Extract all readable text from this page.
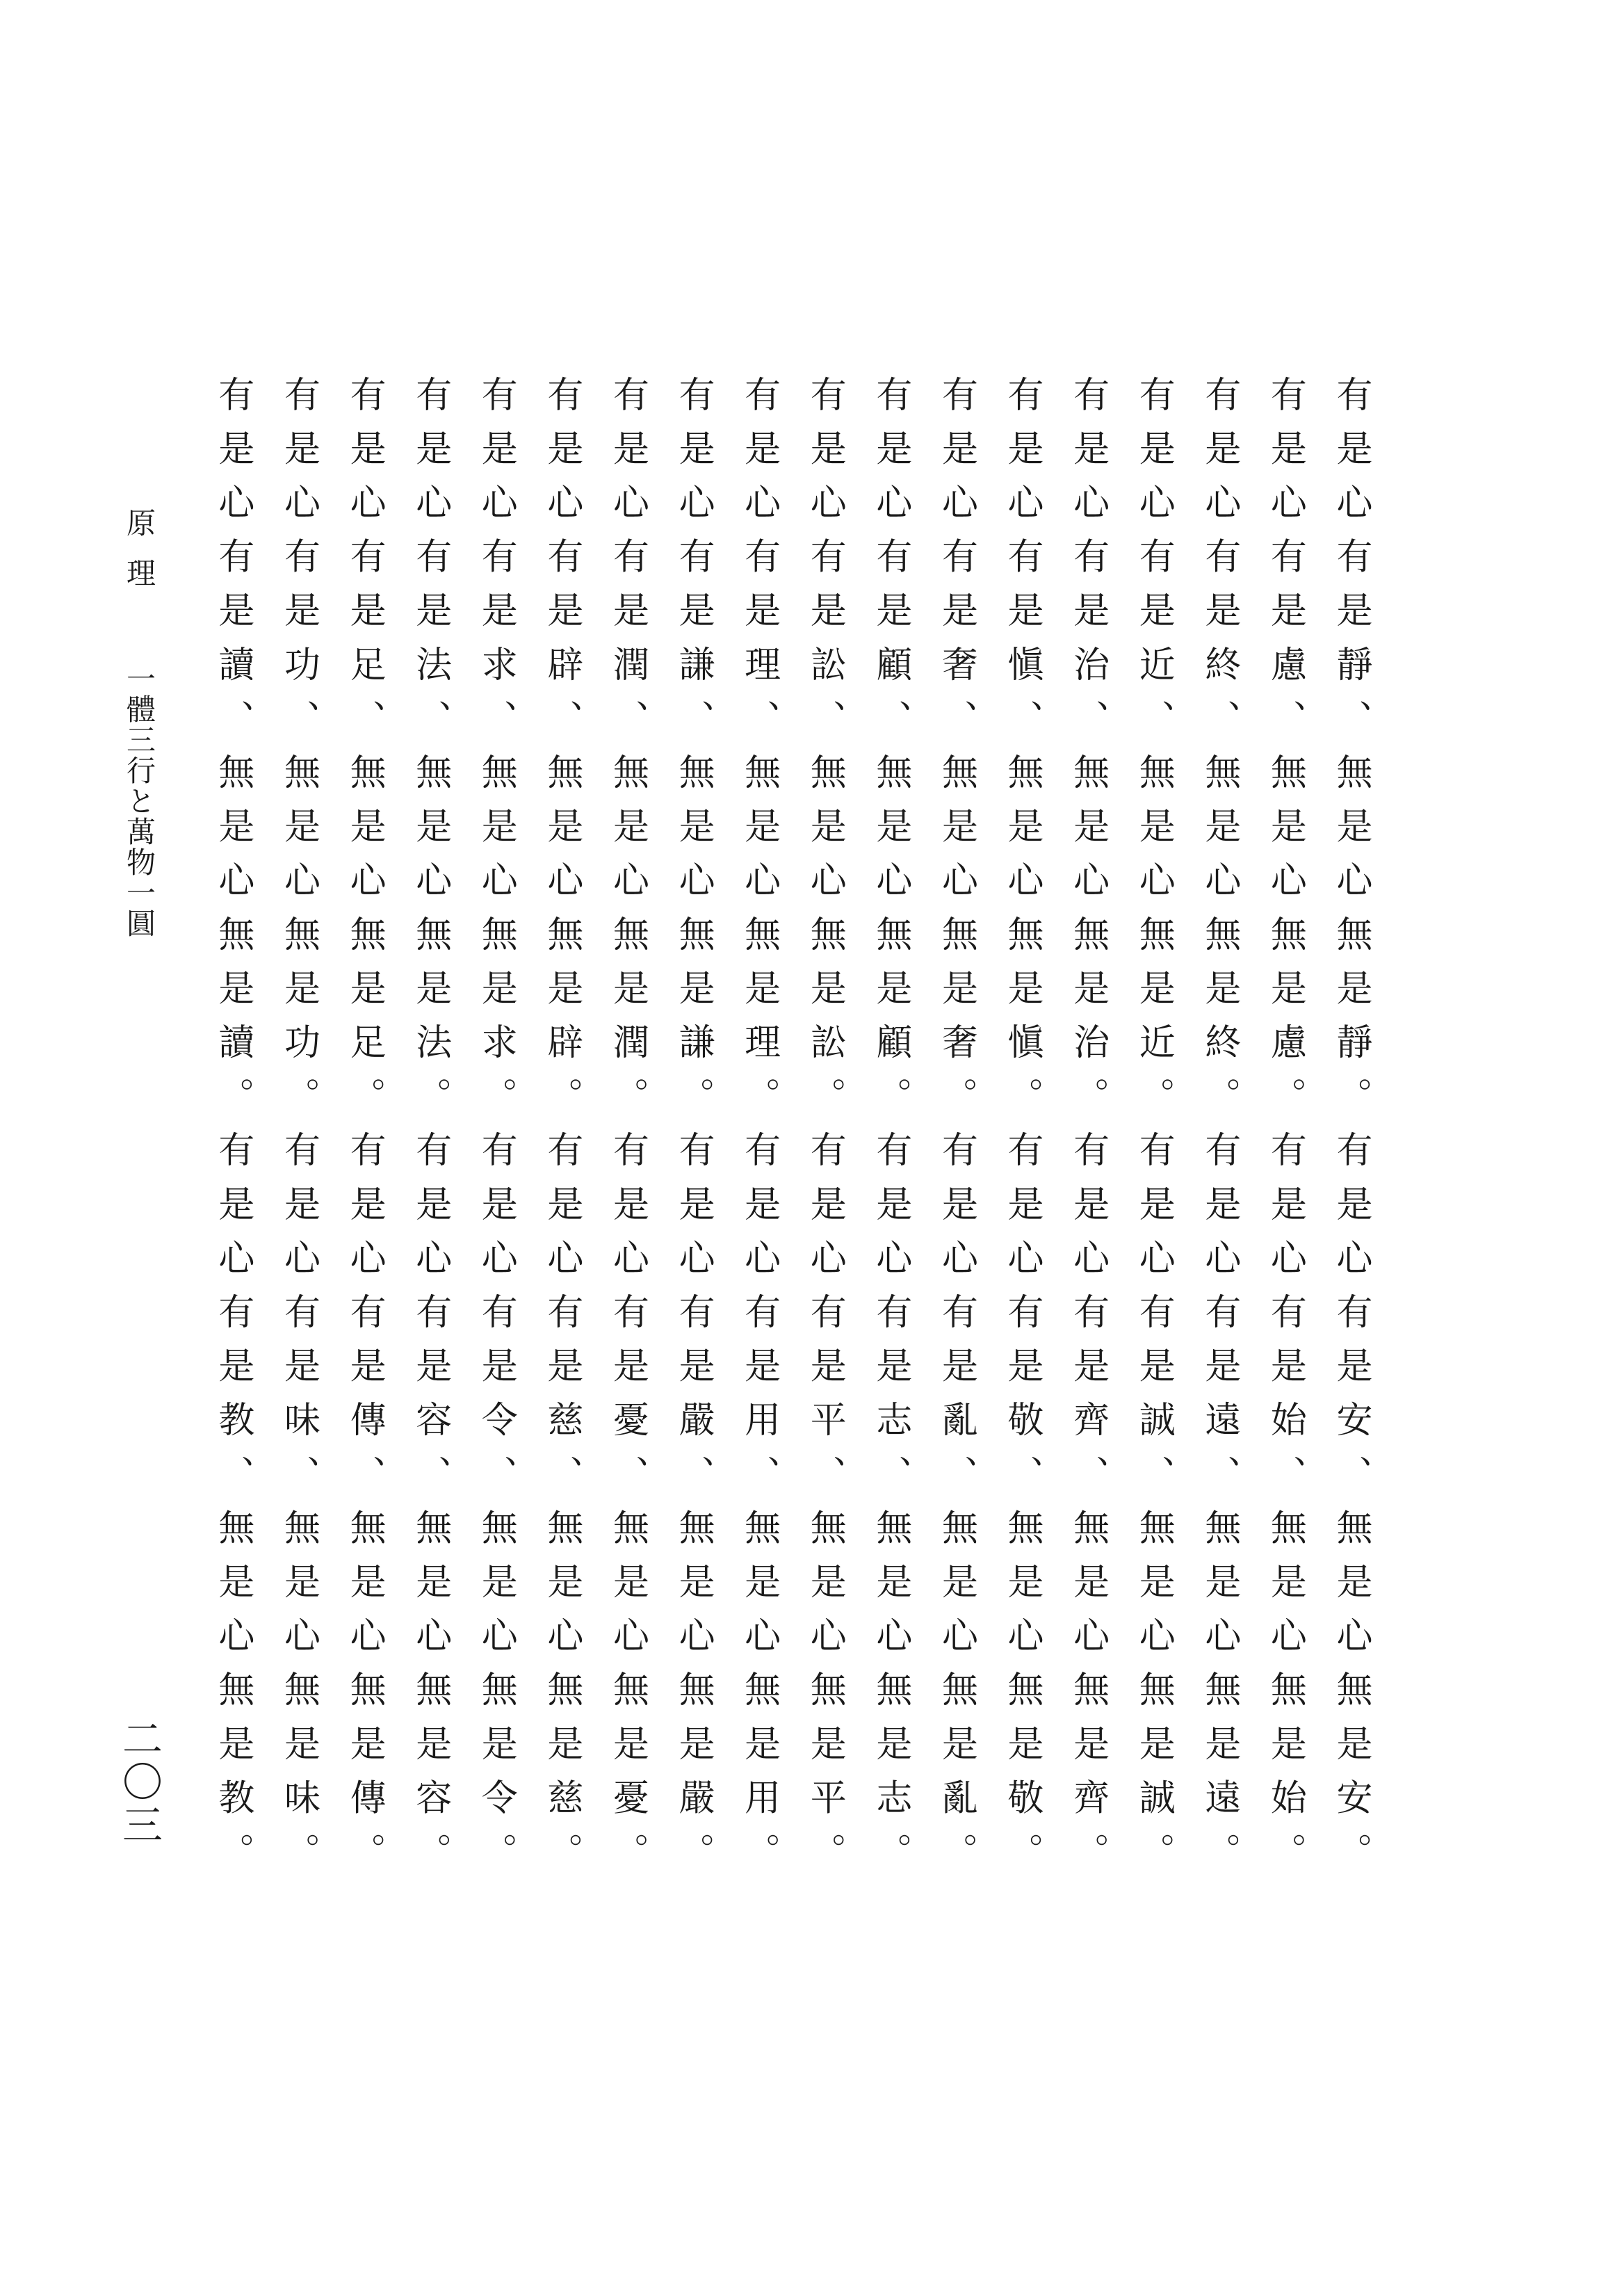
原理一體三行と萬物一圓	有是心有是靜、無是心無是靜。有是心有是安、無是心無是安。
有是心有是慮、無是心無是慮。有是心有是始、無是心無是始。
有是心有是終、無是心無是終。有是心有是遠、無是心無是遠。
有是心有是近、無是心無是近。有是心有是誠、無是心無是誠。
有是心有是治、無是心無是治。有是心有是齊、無是心無是齊。
有是心有是愼、無是心無是愼。有是心有是敬、無是心無是敬。
有是心有是奢、無是心無是奢。有是心有是亂、無是心無是亂。
有是心有是顧、無是心無是顧。有是心有是志、無是心無是志。
有是心有是訟、無是心無是訟。有是心有是平、無是心無是平。
有是心有是理、無是心無是理。有是心有是用、無是心無是用。
有是心有是謙、無是心無是謙。有是心有是嚴、無是心無是嚴。
有是心有是潤、無是心無是潤。有是心有是憂、無是心無是憂。
有是心有是辟、無是心無是辟。有是心有是慈、無是心無是慈。
有是心有是求、無是心無是求。有是心有是令、無是心無是令。
有是心有是法、無是心無是法。有是心有是容、無是心無是容。
有是心有是足、無是心無是足。有是心有是傳、無是心無是傳。
有是心有是功、無是心無是功。有是心有是味、無是心無是味。
有是心有是讀、無是心無是讀。有是心有是教、無是心無是教。
二〇三
